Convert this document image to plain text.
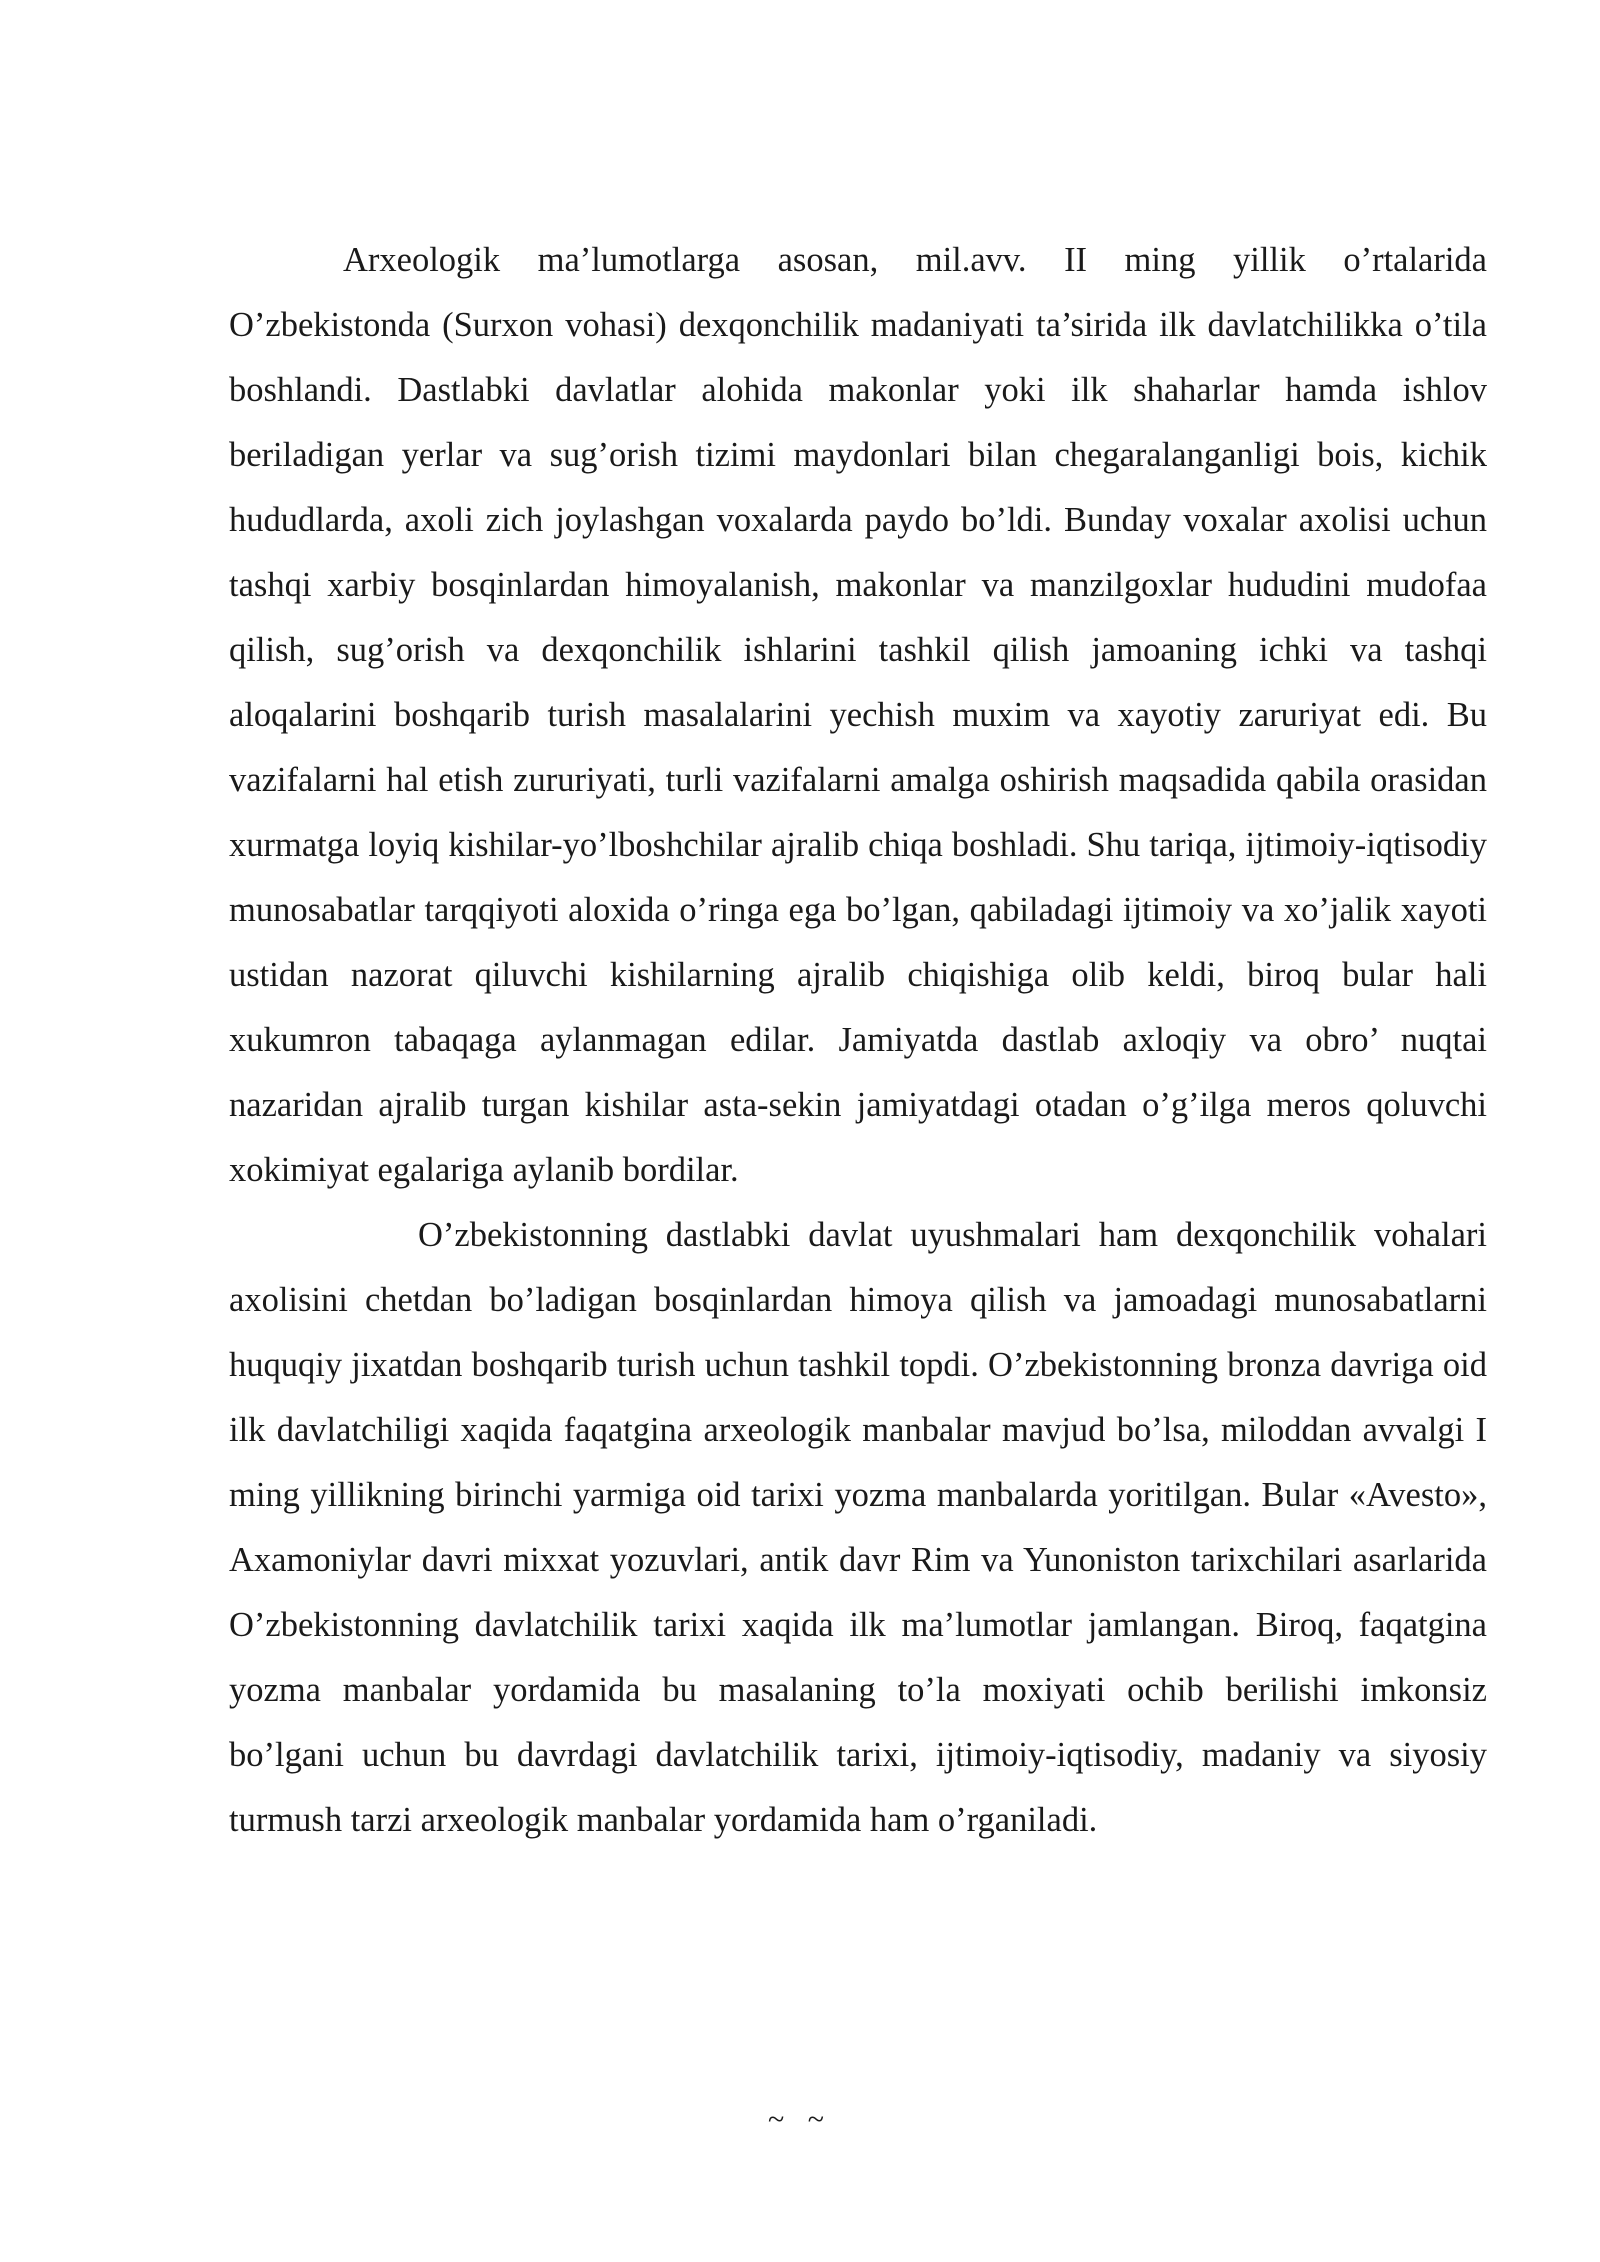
Arxeologik ma’lumotlarga asosan, mil.avv. II ming yillik o’rtalarida O’zbekistonda (Surxon vohasi) dexqonchilik madaniyati ta’sirida ilk davlatchilikka o’tila boshlandi. Dastlabki davlatlar alohida makonlar yoki ilk shaharlar hamda ishlov beriladigan yerlar va sug’orish tizimi maydonlari bilan chegaralanganligi bois, kichik hududlarda, axoli zich joylashgan voxalarda paydo bo’ldi. Bunday voxalar axolisi uchun tashqi xarbiy bosqinlardan himoyalanish, makonlar va manzilgoxlar hududini mudofaa qilish, sug’orish va dexqonchilik ishlarini tashkil qilish jamoaning ichki va tashqi aloqalarini boshqarib turish masalalarini yechish muxim va xayotiy zaruriyat edi. Bu vazifalarni hal etish zururiyati, turli vazifalarni amalga oshirish maqsadida qabila orasidan xurmatga loyiq kishilar-yo’lboshchilar ajralib chiqa boshladi. Shu tariqa, ijtimoiy-iqtisodiy munosabatlar tarqqiyoti aloxida o’ringa ega bo’lgan, qabiladagi ijtimoiy va xo’jalik xayoti ustidan nazorat qiluvchi kishilarning ajralib chiqishiga olib keldi, biroq bular hali xukumron tabaqaga aylanmagan edilar. Jamiyatda dastlab axloqiy va obro’ nuqtai nazaridan ajralib turgan kishilar asta-sekin jamiyatdagi otadan o’g’ilga meros qoluvchi xokimiyat egalariga aylanib bordilar.

O’zbekistonning dastlabki davlat uyushmalari ham dexqonchilik vohalari axolisini chetdan bo’ladigan bosqinlardan himoya qilish va jamoadagi munosabatlarni huquqiy jixatdan boshqarib turish uchun tashkil topdi. O’zbekistonning bronza davriga oid ilk davlatchiligi xaqida faqatgina arxeologik manbalar mavjud bo’lsa, miloddan avvalgi I ming yillikning birinchi yarmiga oid tarixi yozma manbalarda yoritilgan. Bular «Avesto», Axamoniylar davri mixxat yozuvlari, antik davr Rim va Yunoniston tarixchilari asarlarida O’zbekistonning davlatchilik tarixi xaqida ilk ma’lumotlar jamlangan. Biroq, faqatgina yozma manbalar yordamida bu masalaning to’la moxiyati ochib berilishi imkonsiz bo’lgani uchun bu davrdagi davlatchilik tarixi, ijtimoiy-iqtisodiy, madaniy va siyosiy turmush tarzi arxeologik manbalar yordamida ham o’rganiladi.

~ ~
